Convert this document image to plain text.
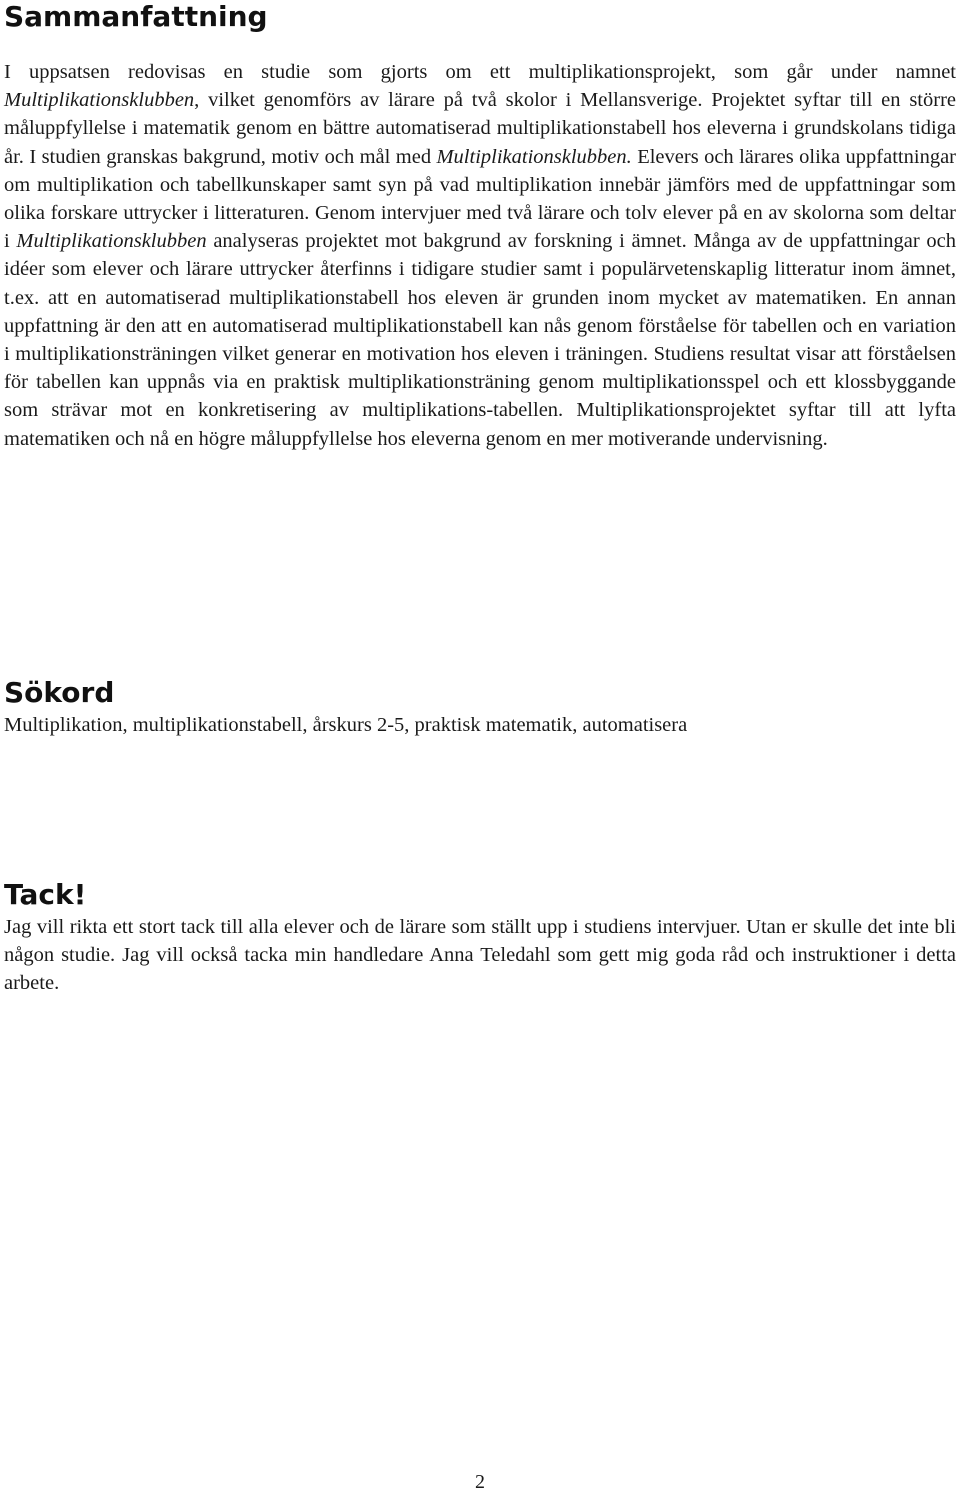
Sammanfattning

I uppsatsen redovisas en studie som gjorts om ett multiplikationsprojekt, som går under namnet Multiplikationsklubben, vilket genomförs av lärare på två skolor i Mellansverige. Projektet syftar till en större måluppfyllelse i matematik genom en bättre automatiserad multiplikationstabell hos eleverna i grundskolans tidiga år. I studien granskas bakgrund, motiv och mål med Multiplikationsklubben. Elevers och lärares olika uppfattningar om multiplikation och tabellkunskaper samt syn på vad multiplikation innebär jämförs med de uppfattningar som olika forskare uttrycker i litteraturen. Genom intervjuer med två lärare och tolv elever på en av skolorna som deltar i Multiplikationsklubben analyseras projektet mot bakgrund av forskning i ämnet. Många av de uppfattningar och idéer som elever och lärare uttrycker återfinns i tidigare studier samt i populärvetenskaplig litteratur inom ämnet, t.ex. att en automatiserad multiplikationstabell hos eleven är grunden inom mycket av matematiken. En annan uppfattning är den att en automatiserad multiplikationstabell kan nås genom förståelse för tabellen och en variation i multiplikationsträningen vilket generar en motivation hos eleven i träningen. Studiens resultat visar att förståelsen för tabellen kan uppnås via en praktisk multiplikationsträning genom multiplikationsspel och ett klossbyggande som strävar mot en konkretisering av multiplikations-tabellen. Multiplikationsprojektet syftar till att lyfta matematiken och nå en högre måluppfyllelse hos eleverna genom en mer motiverande undervisning.

Sökord

Multiplikation, multiplikationstabell, årskurs 2-5, praktisk matematik, automatisera

Tack!

Jag vill rikta ett stort tack till alla elever och de lärare som ställt upp i studiens intervjuer. Utan er skulle det inte bli någon studie. Jag vill också tacka min handledare Anna Teledahl som gett mig goda råd och instruktioner i detta arbete.

2
